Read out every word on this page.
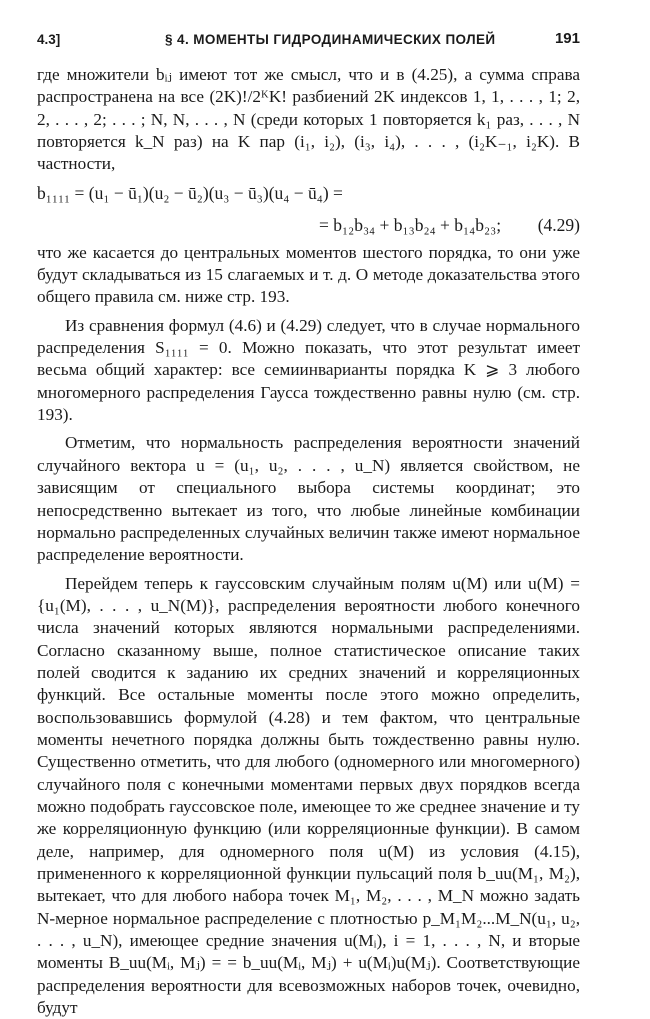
4.3]	§ 4. МОМЕНТЫ ГИДРОДИНАМИЧЕСКИХ ПОЛЕЙ	191

где множители bᵢⱼ имеют тот же смысл, что и в (4.25), а сумма справа распространена на все (2K)!/2ᴷK! разбиений 2K индексов 1, 1, . . . , 1; 2, 2, . . . , 2; . . . ; N, N, . . . , N (среди которых 1 повторяется k₁ раз, . . . , N повторяется k_N раз) на K пар (i₁, i₂), (i₃, i₄), . . . , (i₂K₋₁, i₂K). В частности,

b₁₁₁₁ = (u₁ − ū₁)(u₂ − ū₂)(u₃ − ū₃)(u₄ − ū₄) =
= b₁₂b₃₄ + b₁₃b₂₄ + b₁₄b₂₃; (4.29)

что же касается до центральных моментов шестого порядка, то они уже будут складываться из 15 слагаемых и т. д. О методе доказательства этого общего правила см. ниже стр. 193.

Из сравнения формул (4.6) и (4.29) следует, что в случае нормального распределения S₁₁₁₁ = 0. Можно показать, что этот результат имеет весьма общий характер: все семиинварианты порядка K ⩾ 3 любого многомерного распределения Гаусса тождественно равны нулю (см. стр. 193).

Отметим, что нормальность распределения вероятности значений случайного вектора u = (u₁, u₂, . . . , u_N) является свойством, не зависящим от специального выбора системы координат; это непосредственно вытекает из того, что любые линейные комбинации нормально распределенных случайных величин также имеют нормальное распределение вероятности.

Перейдем теперь к гауссовским случайным полям u(M) или u(M) = {u₁(M), . . . , u_N(M)}, распределения вероятности любого конечного числа значений которых являются нормальными распределениями. Согласно сказанному выше, полное статистическое описание таких полей сводится к заданию их средних значений и корреляционных функций. Все остальные моменты после этого можно определить, воспользовавшись формулой (4.28) и тем фактом, что центральные моменты нечетного порядка должны быть тождественно равны нулю. Существенно отметить, что для любого (одномерного или многомерного) случайного поля с конечными моментами первых двух порядков всегда можно подобрать гауссовское поле, имеющее то же среднее значение и ту же корреляционную функцию (или корреляционные функции). В самом деле, например, для одномерного поля u(M) из условия (4.15), примененного к корреляционной функции пульсаций поля b_uu(M₁, M₂), вытекает, что для любого набора точек M₁, M₂, . . . , M_N можно задать N-мерное нормальное распределение с плотностью p_M₁M₂...M_N(u₁, u₂, . . . , u_N), имеющее средние значения u(Mᵢ), i = 1, . . . , N, и вторые моменты B_uu(Mᵢ, Mⱼ) = = b_uu(Mᵢ, Mⱼ) + u(Mᵢ)u(Mⱼ). Соответствующие распределения вероятности для всевозможных наборов точек, очевидно, будут
